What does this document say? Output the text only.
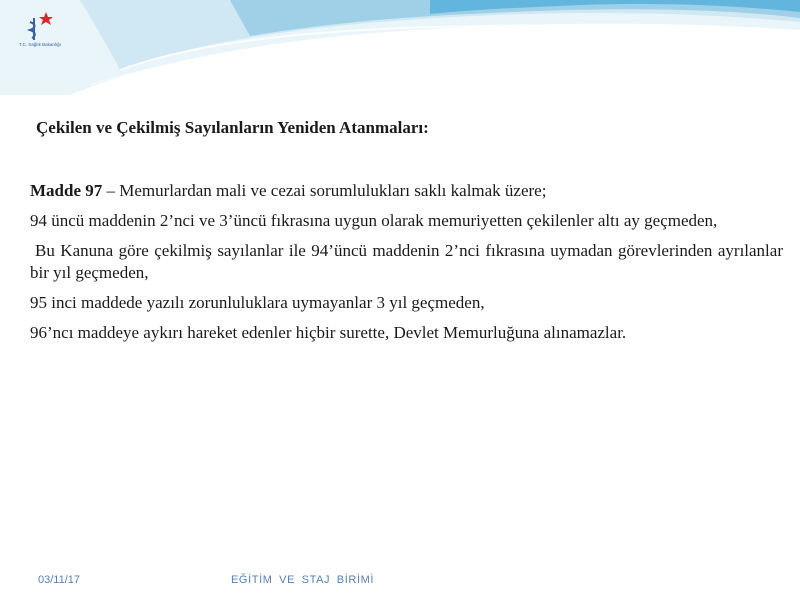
T.C. Sağlık Bakanlığı
Çekilen ve Çekilmiş Sayılanların Yeniden Atanmaları:

Madde 97 – Memurlardan mali ve cezai sorumlulukları saklı kalmak üzere;

94 üncü maddenin 2’nci ve 3’üncü fıkrasına uygun olarak memuriyetten çekilenler altı ay geçmeden,

Bu Kanuna göre çekilmiş sayılanlar ile 94’üncü maddenin 2’nci fıkrasına uymadan görevlerinden ayrılanlar bir yıl geçmeden,

95 inci maddede yazılı zorunluluklara uymayanlar 3 yıl geçmeden,

96’ncı maddeye aykırı hareket edenler hiçbir surette, Devlet Memurluğuna alınamazlar.

03/11/17	EĞİTİM VE STAJ BİRİMİ
